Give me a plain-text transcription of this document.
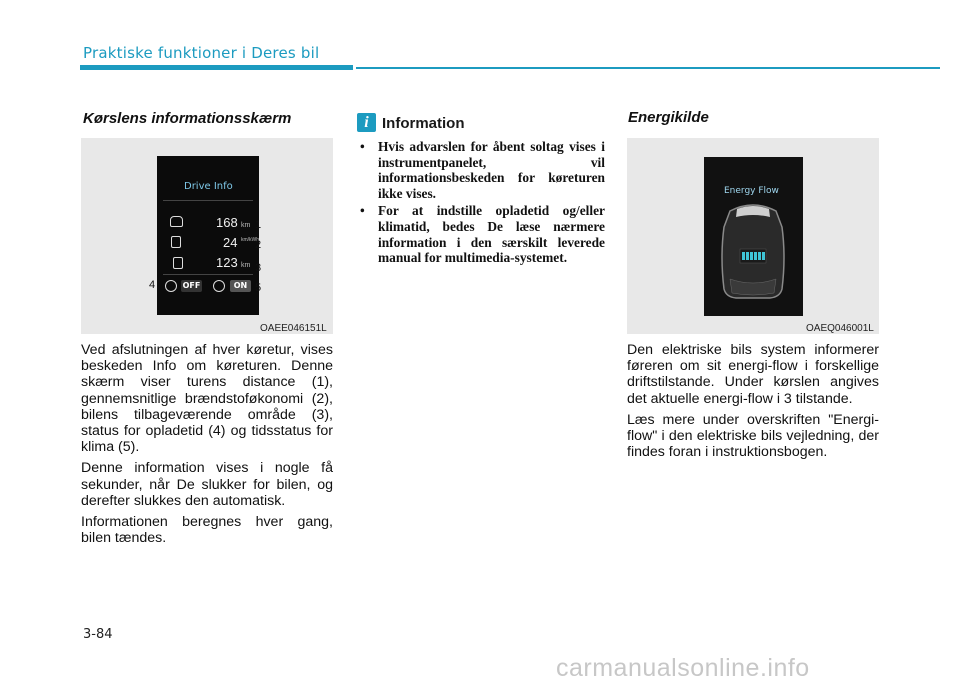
Praktiske funktioner i Deres bil
Kørslens informationsskærm
Drive Info
168 km
24 km/kWh
123 km
OFF	ON
1
2
3
4	5
OAEE046151L

Ved afslutningen af hver køretur, vises beskeden Info om køreturen. Denne skærm viser turens distance (1), gennemsnitlige brændstoføkonomi (2), bilens tilbageværende område (3), status for opladetid (4) og tidsstatus for klima (5).

Denne information vises i nogle få sekunder, når De slukker for bilen, og derefter slukkes den automatisk.

Informationen beregnes hver gang, bilen tændes.

i Information
• Hvis advarslen for åbent soltag vises i instrumentpanelet, vil informationsbeskeden for køreturen ikke vises.
• For at indstille opladetid og/eller klimatid, bedes De læse nærmere information i den særskilt leverede manual for multimedia-systemet.
Energikilde
Energy Flow
OAEQ046001L

Den elektriske bils system informerer føreren om sit energi-flow i forskellige driftstilstande. Under kørslen angives det aktuelle energi-flow i 3 tilstande.

Læs mere under overskriften "Energi-flow" i den elektriske bils vejledning, der findes foran i instruktionsbogen.

3-84
carmanualsonline.info
